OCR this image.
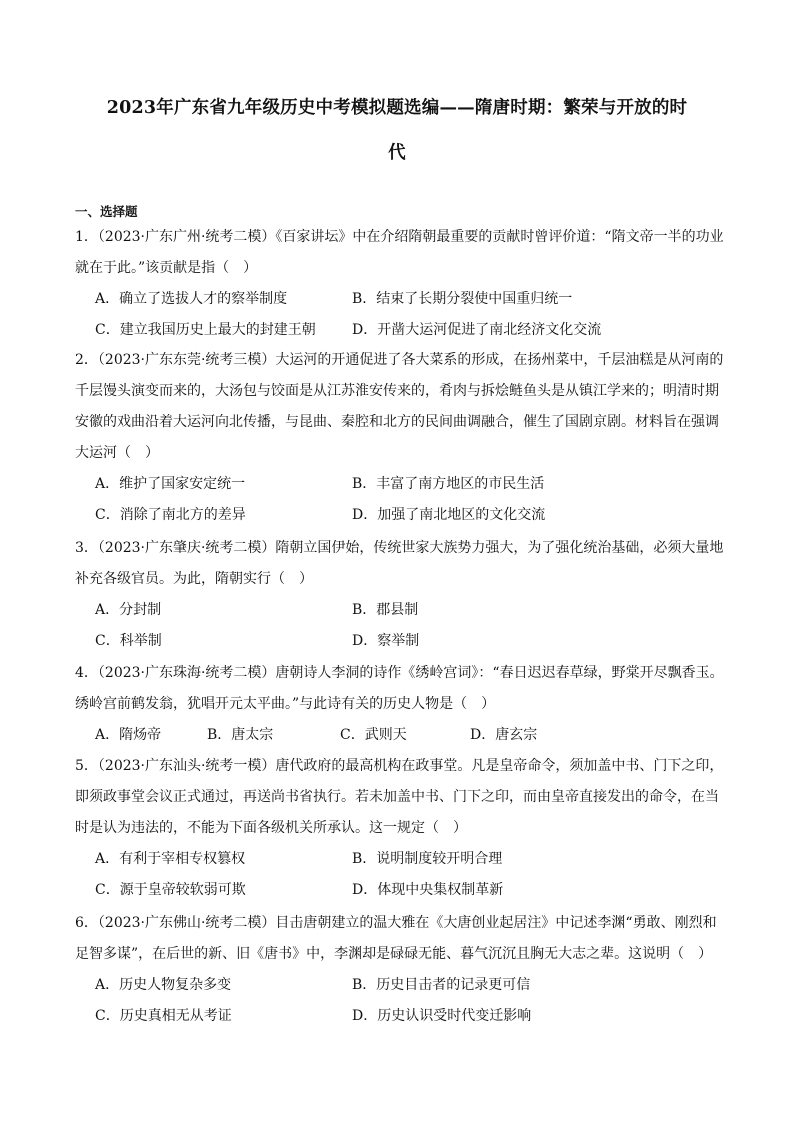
2023年广东省九年级历史中考模拟题选编——隋唐时期：繁荣与开放的时
代
一、选择题
1．（2023·广东广州·统考二模）《百家讲坛》中在介绍隋朝最重要的贡献时曾评价道：“隋文帝一半的功业就在于此。”该贡献是指（　）
A．确立了选拔人才的察举制度	B．结束了长期分裂使中国重归统一
C．建立我国历史上最大的封建王朝	D．开凿大运河促进了南北经济文化交流
2．（2023·广东东莞·统考三模）大运河的开通促进了各大菜系的形成，在扬州菜中，千层油糕是从河南的千层馒头演变而来的，大汤包与饺面是从江苏淮安传来的，肴肉与拆烩鲢鱼头是从镇江学来的；明清时期安徽的戏曲沿着大运河向北传播，与昆曲、秦腔和北方的民间曲调融合，催生了国剧京剧。材料旨在强调大运河（　）
A．维护了国家安定统一	B．丰富了南方地区的市民生活
C．消除了南北方的差异	D．加强了南北地区的文化交流
3．（2023·广东肇庆·统考二模）隋朝立国伊始，传统世家大族势力强大，为了强化统治基础，必须大量地补充各级官员。为此，隋朝实行（　）
A．分封制	B．郡县制
C．科举制	D．察举制
4．（2023·广东珠海·统考二模）唐朝诗人李洞的诗作《绣岭宫词》：“春日迟迟春草绿，野棠开尽飘香玉。绣岭宫前鹤发翁，犹唱开元太平曲。”与此诗有关的历史人物是（　）
A．隋炀帝	B．唐太宗	C．武则天	D．唐玄宗
5．（2023·广东汕头·统考一模）唐代政府的最高机构在政事堂。凡是皇帝命令，须加盖中书、门下之印，即须政事堂会议正式通过，再送尚书省执行。若未加盖中书、门下之印，而由皇帝直接发出的命令，在当时是认为违法的，不能为下面各级机关所承认。这一规定（　）
A．有利于宰相专权篡权	B．说明制度较开明合理
C．源于皇帝较软弱可欺	D．体现中央集权制革新
6．（2023·广东佛山·统考二模）目击唐朝建立的温大雅在《大唐创业起居注》中记述李渊“勇敢、刚烈和足智多谋”，在后世的新、旧《唐书》中，李渊却是碌碌无能、暮气沉沉且胸无大志之辈。这说明（　）
A．历史人物复杂多变	B．历史目击者的记录更可信
C．历史真相无从考证	D．历史认识受时代变迁影响
